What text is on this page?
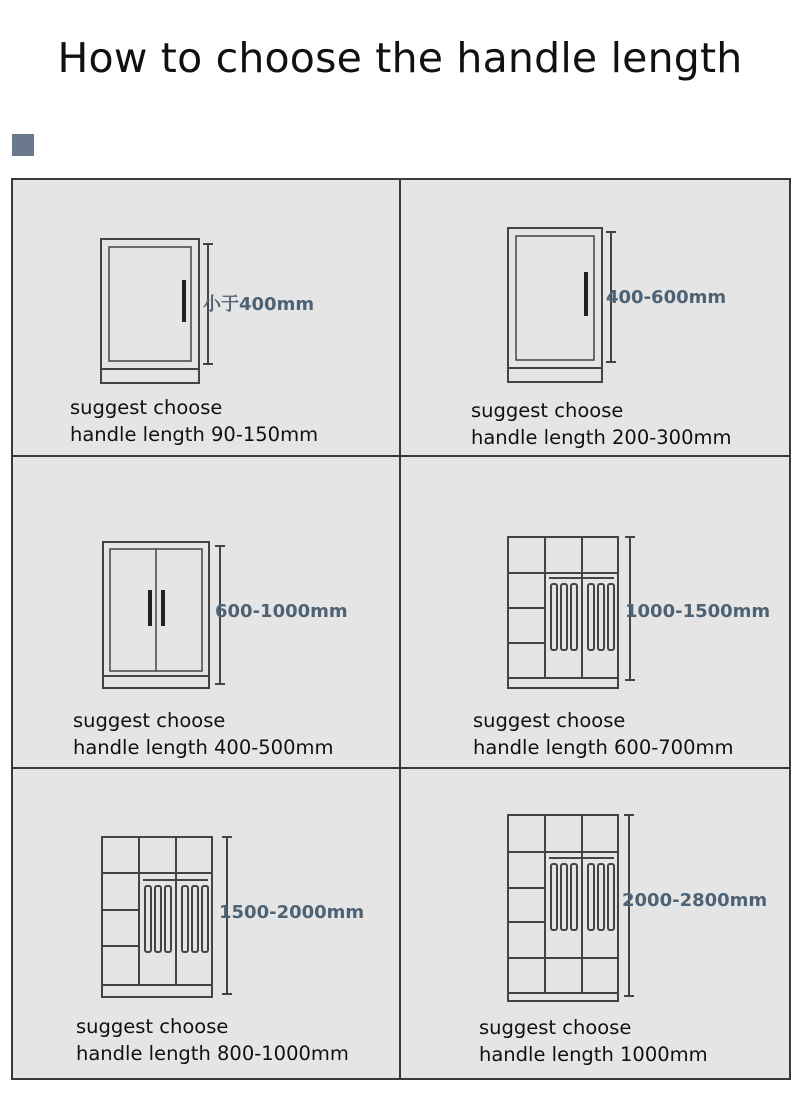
How to choose the handle length
小于400mm
suggest choose
handle length 90-150mm
400-600mm
suggest choose
handle length 200-300mm
600-1000mm
suggest choose
handle length 400-500mm
1000-1500mm
suggest choose
handle length 600-700mm
1500-2000mm
suggest choose
handle length 800-1000mm
2000-2800mm
suggest choose
handle length 1000mm
